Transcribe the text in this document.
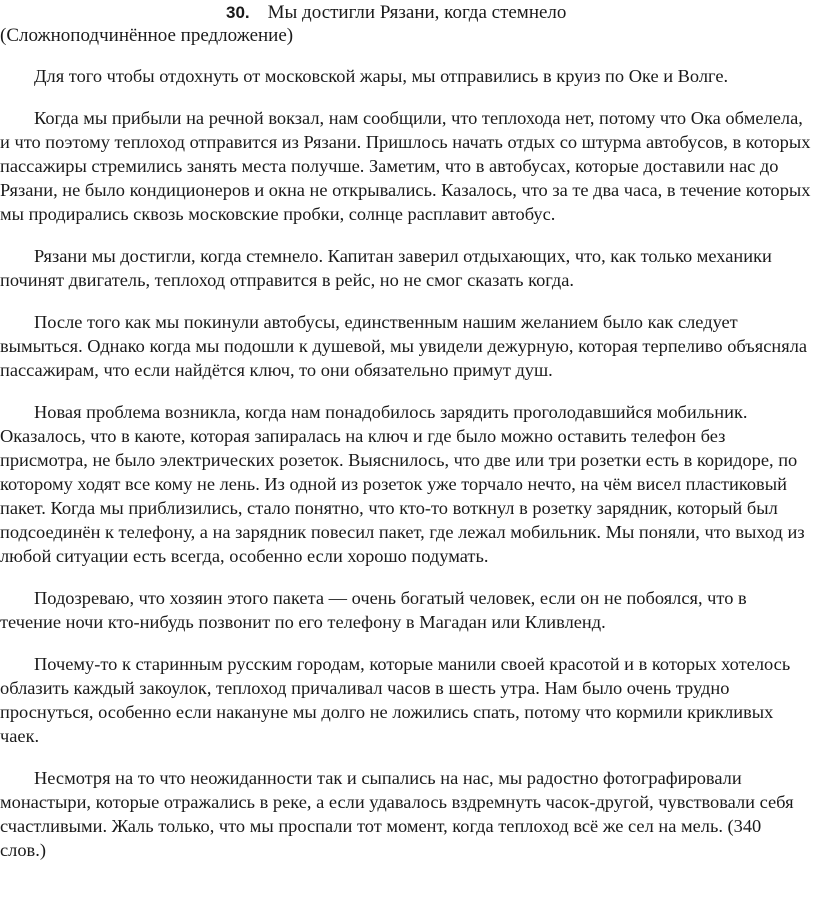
30. Мы достигли Рязани, когда стемнело
(Сложноподчинённое предложение)

Для того чтобы отдохнуть от московской жары, мы отправились в круиз по Оке и Волге.

Когда мы прибыли на речной вокзал, нам сообщили, что теплохода нет, потому что Ока обмелела, и что поэтому теплоход отправится из Рязани. Пришлось начать отдых со штурма автобусов, в которых пассажиры стремились занять места получше. Заметим, что в автобусах, которые доставили нас до Рязани, не было кондиционеров и окна не открывались. Казалось, что за те два часа, в течение которых мы продирались сквозь московские пробки, солнце расплавит автобус.

Рязани мы достигли, когда стемнело. Капитан заверил отдыхающих, что, как только механики починят двигатель, теплоход отправится в рейс, но не смог сказать когда.

После того как мы покинули автобусы, единственным нашим желанием было как следует вымыться. Однако когда мы подошли к душевой, мы увидели дежурную, которая терпеливо объясняла пассажирам, что если найдётся ключ, то они обязательно примут душ.

Новая проблема возникла, когда нам понадобилось зарядить проголодавшийся мобильник. Оказалось, что в каюте, которая запиралась на ключ и где было можно оставить телефон без присмотра, не было электрических розеток. Выяснилось, что две или три розетки есть в коридоре, по которому ходят все кому не лень. Из одной из розеток уже торчало нечто, на чём висел пластиковый пакет. Когда мы приблизились, стало понятно, что кто-то воткнул в розетку зарядник, который был подсоединён к телефону, а на зарядник повесил пакет, где лежал мобильник. Мы поняли, что выход из любой ситуации есть всегда, особенно если хорошо подумать.

Подозреваю, что хозяин этого пакета — очень богатый человек, если он не побоялся, что в течение ночи кто-нибудь позвонит по его телефону в Магадан или Кливленд.

Почему-то к старинным русским городам, которые манили своей красотой и в которых хотелось облазить каждый закоулок, теплоход причаливал часов в шесть утра. Нам было очень трудно проснуться, особенно если накануне мы долго не ложились спать, потому что кормили крикливых чаек.

Несмотря на то что неожиданности так и сыпались на нас, мы радостно фотографировали монастыри, которые отражались в реке, а если удавалось вздремнуть часок-другой, чувствовали себя счастливыми. Жаль только, что мы проспали тот момент, когда теплоход всё же сел на мель. (340 слов.)
